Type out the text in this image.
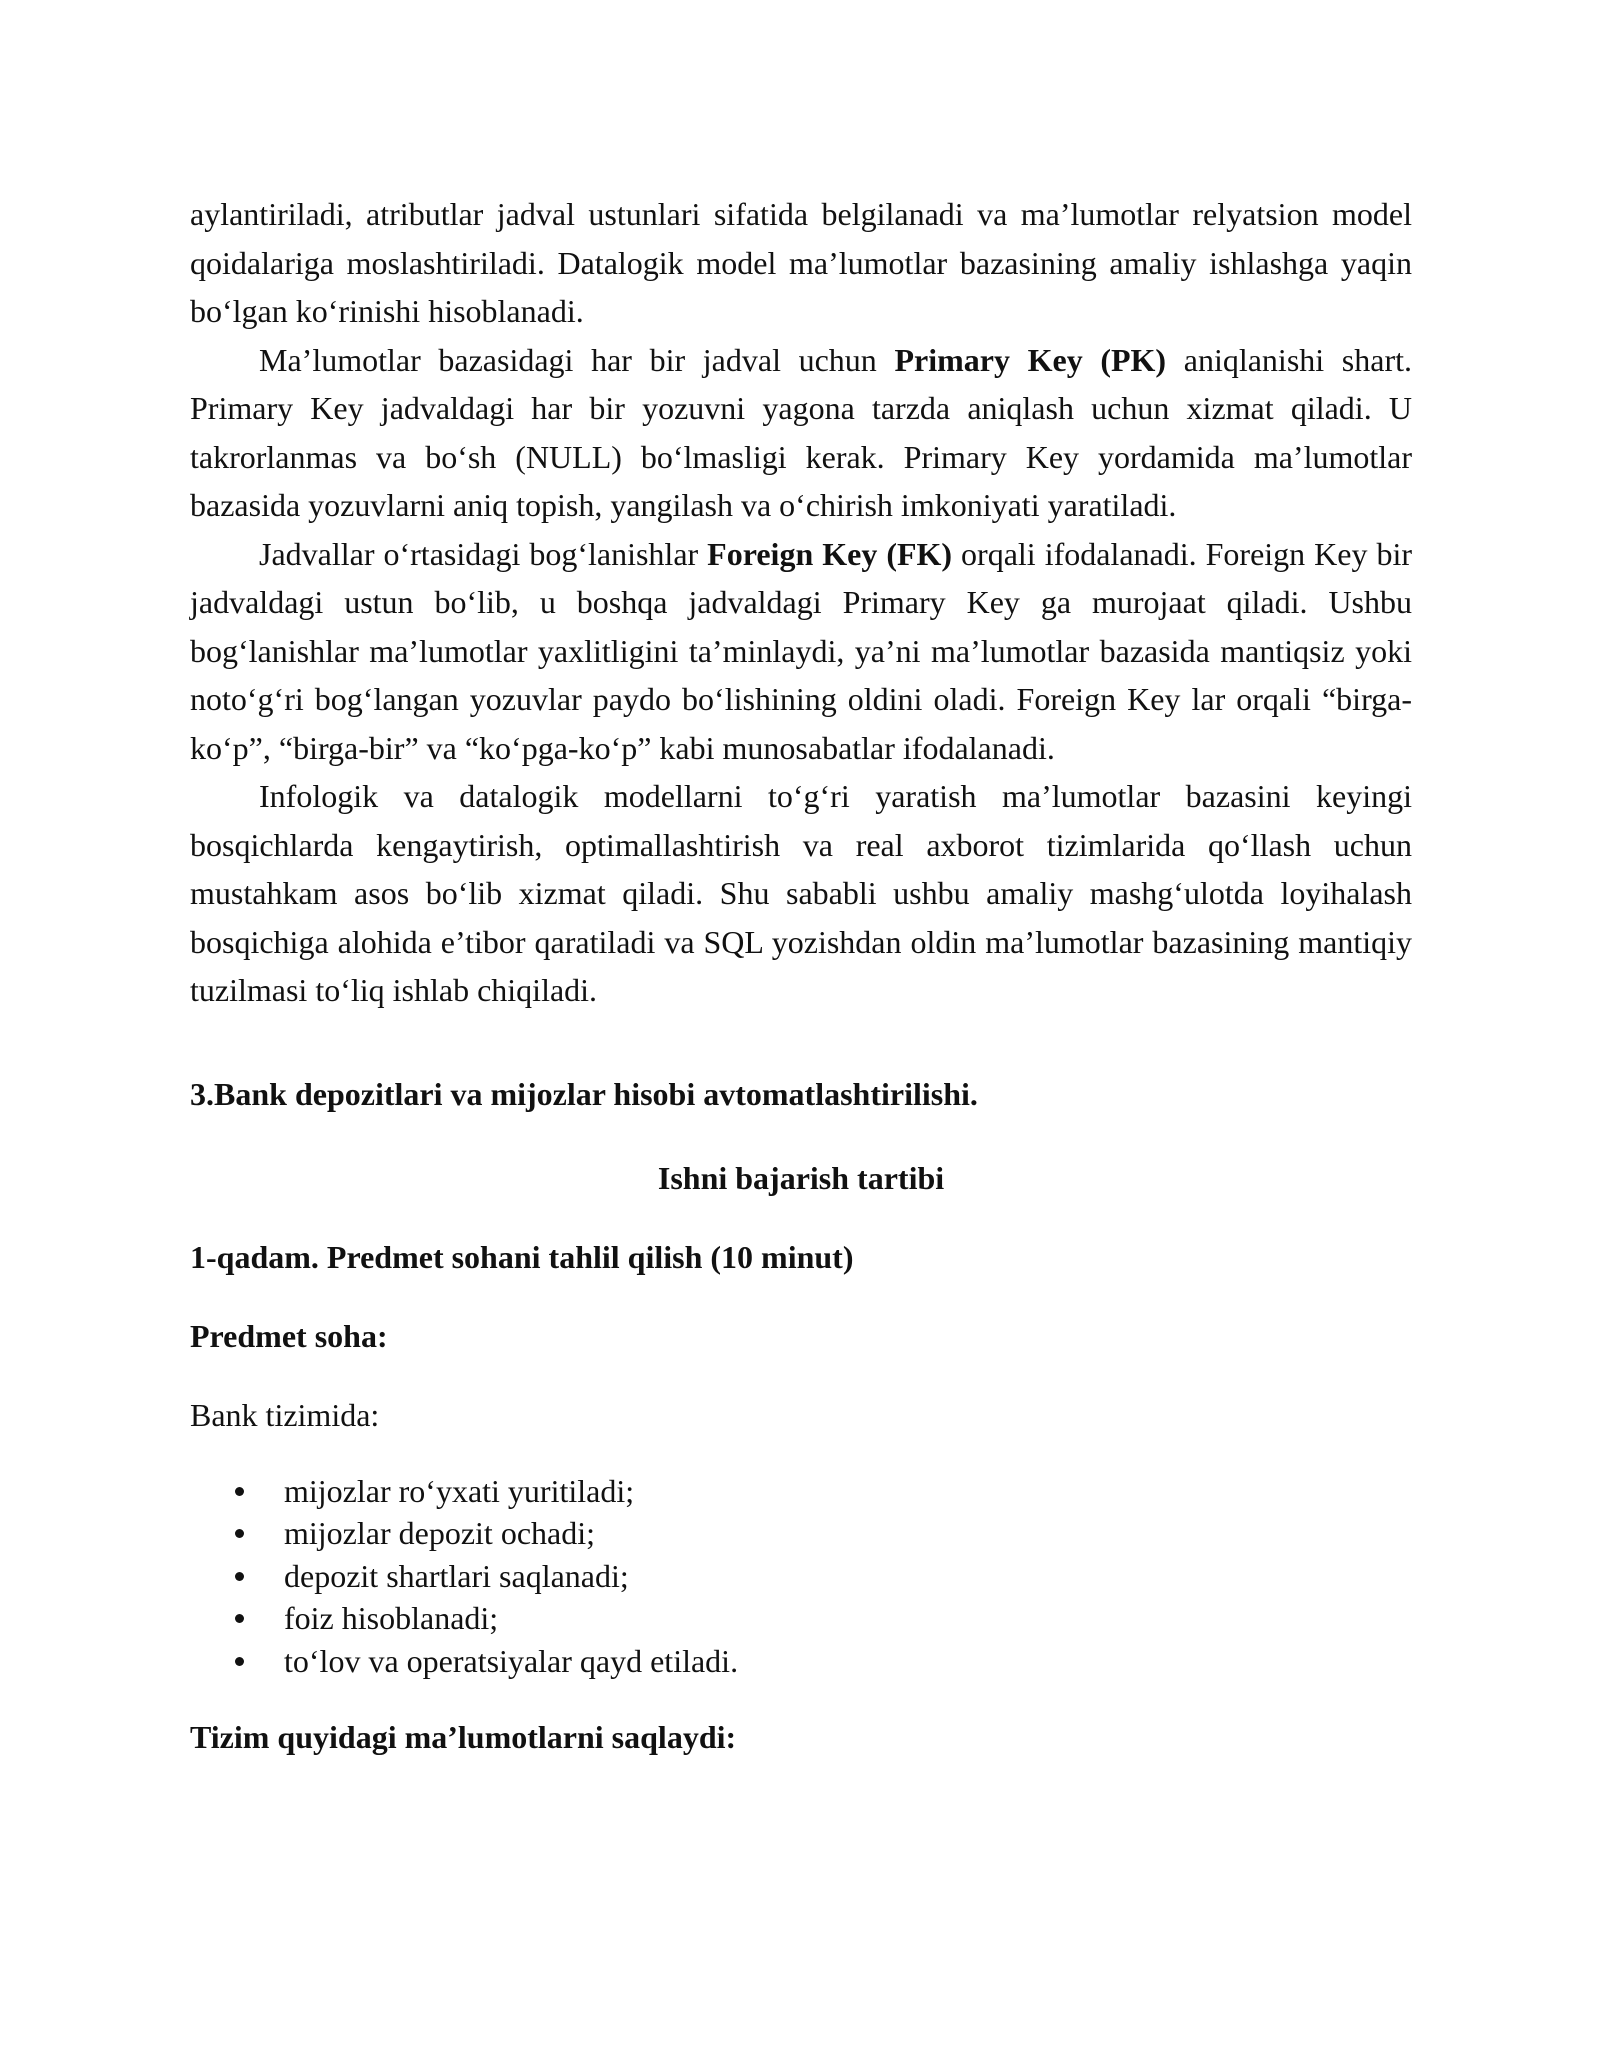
aylantiriladi, atributlar jadval ustunlari sifatida belgilanadi va ma’lumotlar relyatsion model qoidalariga moslashtiriladi. Datalogik model ma’lumotlar bazasining amaliy ishlashga yaqin bo‘lgan ko‘rinishi hisoblanadi.

Ma’lumotlar bazasidagi har bir jadval uchun Primary Key (PK) aniqlanishi shart. Primary Key jadvaldagi har bir yozuvni yagona tarzda aniqlash uchun xizmat qiladi. U takrorlanmas va bo‘sh (NULL) bo‘lmasligi kerak. Primary Key yordamida ma’lumotlar bazasida yozuvlarni aniq topish, yangilash va o‘chirish imkoniyati yaratiladi.

Jadvallar o‘rtasidagi bog‘lanishlar Foreign Key (FK) orqali ifodalanadi. Foreign Key bir jadvaldagi ustun bo‘lib, u boshqa jadvaldagi Primary Key ga murojaat qiladi. Ushbu bog‘lanishlar ma’lumotlar yaxlitligini ta’minlaydi, ya’ni ma’lumotlar bazasida mantiqsiz yoki noto‘g‘ri bog‘langan yozuvlar paydo bo‘lishining oldini oladi. Foreign Key lar orqali “birga-ko‘p”, “birga-bir” va “ko‘pga-ko‘p” kabi munosabatlar ifodalanadi.

Infologik va datalogik modellarni to‘g‘ri yaratish ma’lumotlar bazasini keyingi bosqichlarda kengaytirish, optimallashtirish va real axborot tizimlarida qo‘llash uchun mustahkam asos bo‘lib xizmat qiladi. Shu sababli ushbu amaliy mashg‘ulotda loyihalash bosqichiga alohida e’tibor qaratiladi va SQL yozishdan oldin ma’lumotlar bazasining mantiqiy tuzilmasi to‘liq ishlab chiqiladi.

3.Bank depozitlari va mijozlar hisobi avtomatlashtirilishi.
Ishni bajarish tartibi
1-qadam. Predmet sohani tahlil qilish (10 minut)
Predmet soha:
Bank tizimida:
mijozlar ro‘yxati yuritiladi;
mijozlar depozit ochadi;
depozit shartlari saqlanadi;
foiz hisoblanadi;
to‘lov va operatsiyalar qayd etiladi.
Tizim quyidagi ma’lumotlarni saqlaydi:
